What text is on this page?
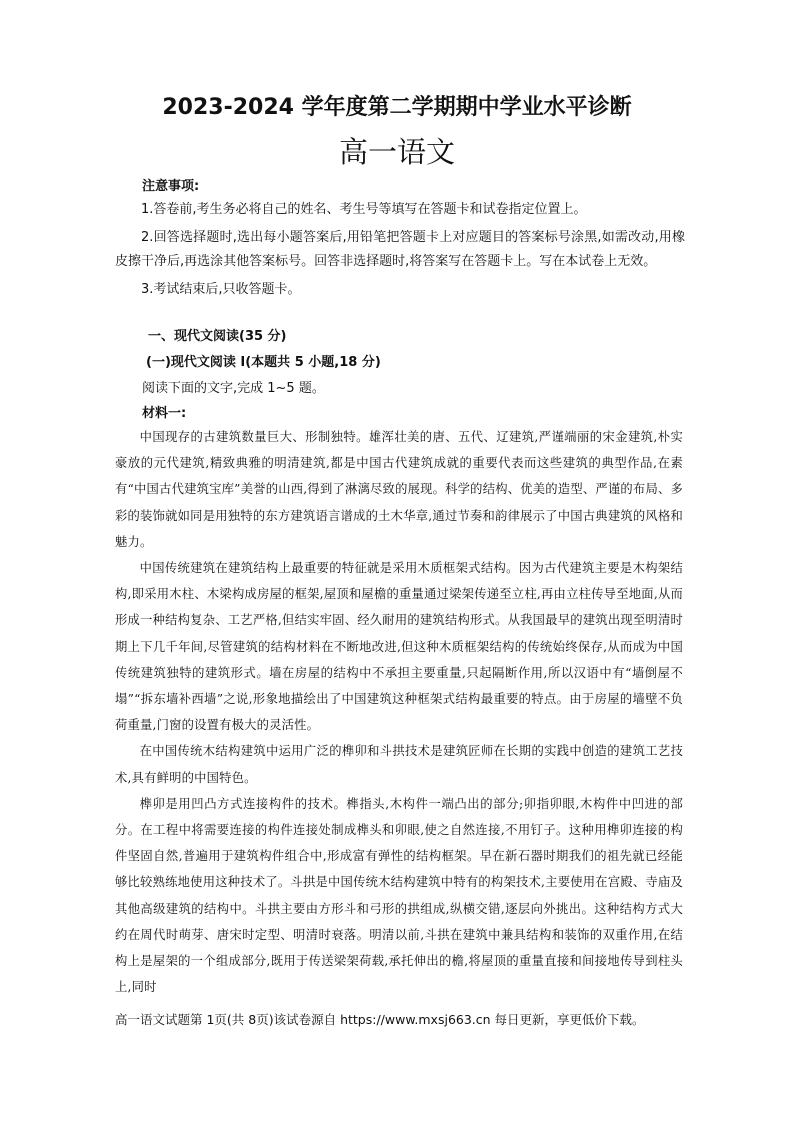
2023-2024 学年度第二学期期中学业水平诊断
高一语文
注意事项:

1.答卷前,考生务必将自己的姓名、考生号等填写在答题卡和试卷指定位置上。

2.回答选择题时,选出每小题答案后,用铅笔把答题卡上对应题目的答案标号涂黑,如需改动,用橡皮擦干净后,再选涂其他答案标号。回答非选择题时,将答案写在答题卡上。写在本试卷上无效。

3.考试结束后,只收答题卡。

一、现代文阅读(35 分)
(一)现代文阅读 I(本题共 5 小题,18 分)
阅读下面的文字,完成 1~5 题。
材料一:

中国现存的古建筑数量巨大、形制独特。雄浑壮美的唐、五代、辽建筑,严谨端丽的宋金建筑,朴实豪放的元代建筑,精致典雅的明清建筑,都是中国古代建筑成就的重要代表而这些建筑的典型作品,在素有“中国古代建筑宝库”美誉的山西,得到了淋漓尽致的展现。科学的结构、优美的造型、严谨的布局、多彩的装饰就如同是用独特的东方建筑语言谱成的土木华章,通过节奏和韵律展示了中国古典建筑的风格和魅力。

中国传统建筑在建筑结构上最重要的特征就是采用木质框架式结构。因为古代建筑主要是木构架结构,即采用木柱、木梁构成房屋的框架,屋顶和屋檐的重量通过梁架传递至立柱,再由立柱传导至地面,从而形成一种结构复杂、工艺严格,但结实牢固、经久耐用的建筑结构形式。从我国最早的建筑出现至明清时期上下几千年间,尽管建筑的结构材料在不断地改进,但这种木质框架结构的传统始终保存,从而成为中国传统建筑独特的建筑形式。墙在房屋的结构中不承担主要重量,只起隔断作用,所以汉语中有“墙倒屋不塌”“拆东墙补西墙”之说,形象地描绘出了中国建筑这种框架式结构最重要的特点。由于房屋的墙壁不负荷重量,门窗的设置有极大的灵活性。

在中国传统木结构建筑中运用广泛的榫卯和斗拱技术是建筑匠师在长期的实践中创造的建筑工艺技术,具有鲜明的中国特色。

榫卯是用凹凸方式连接构件的技术。榫指头,木构件一端凸出的部分;卯指卯眼,木构件中凹进的部分。在工程中将需要连接的构件连接处制成榫头和卯眼,使之自然连接,不用钉子。这种用榫卯连接的构件坚固自然,普遍用于建筑构件组合中,形成富有弹性的结构框架。早在新石器时期我们的祖先就已经能够比较熟练地使用这种技术了。斗拱是中国传统木结构建筑中特有的构架技术,主要使用在宫殿、寺庙及其他高级建筑的结构中。斗拱主要由方形斗和弓形的拱组成,纵横交错,逐层向外挑出。这种结构方式大约在周代时萌芽、唐宋时定型、明清时衰落。明清以前,斗拱在建筑中兼具结构和装饰的双重作用,在结构上是屋架的一个组成部分,既用于传送梁架荷载,承托伸出的檐,将屋顶的重量直接和间接地传导到柱头上,同时

高一语文试题第 1页(共 8页)该试卷源自 https://www.mxsj663.cn 每日更新，享更低价下载。
